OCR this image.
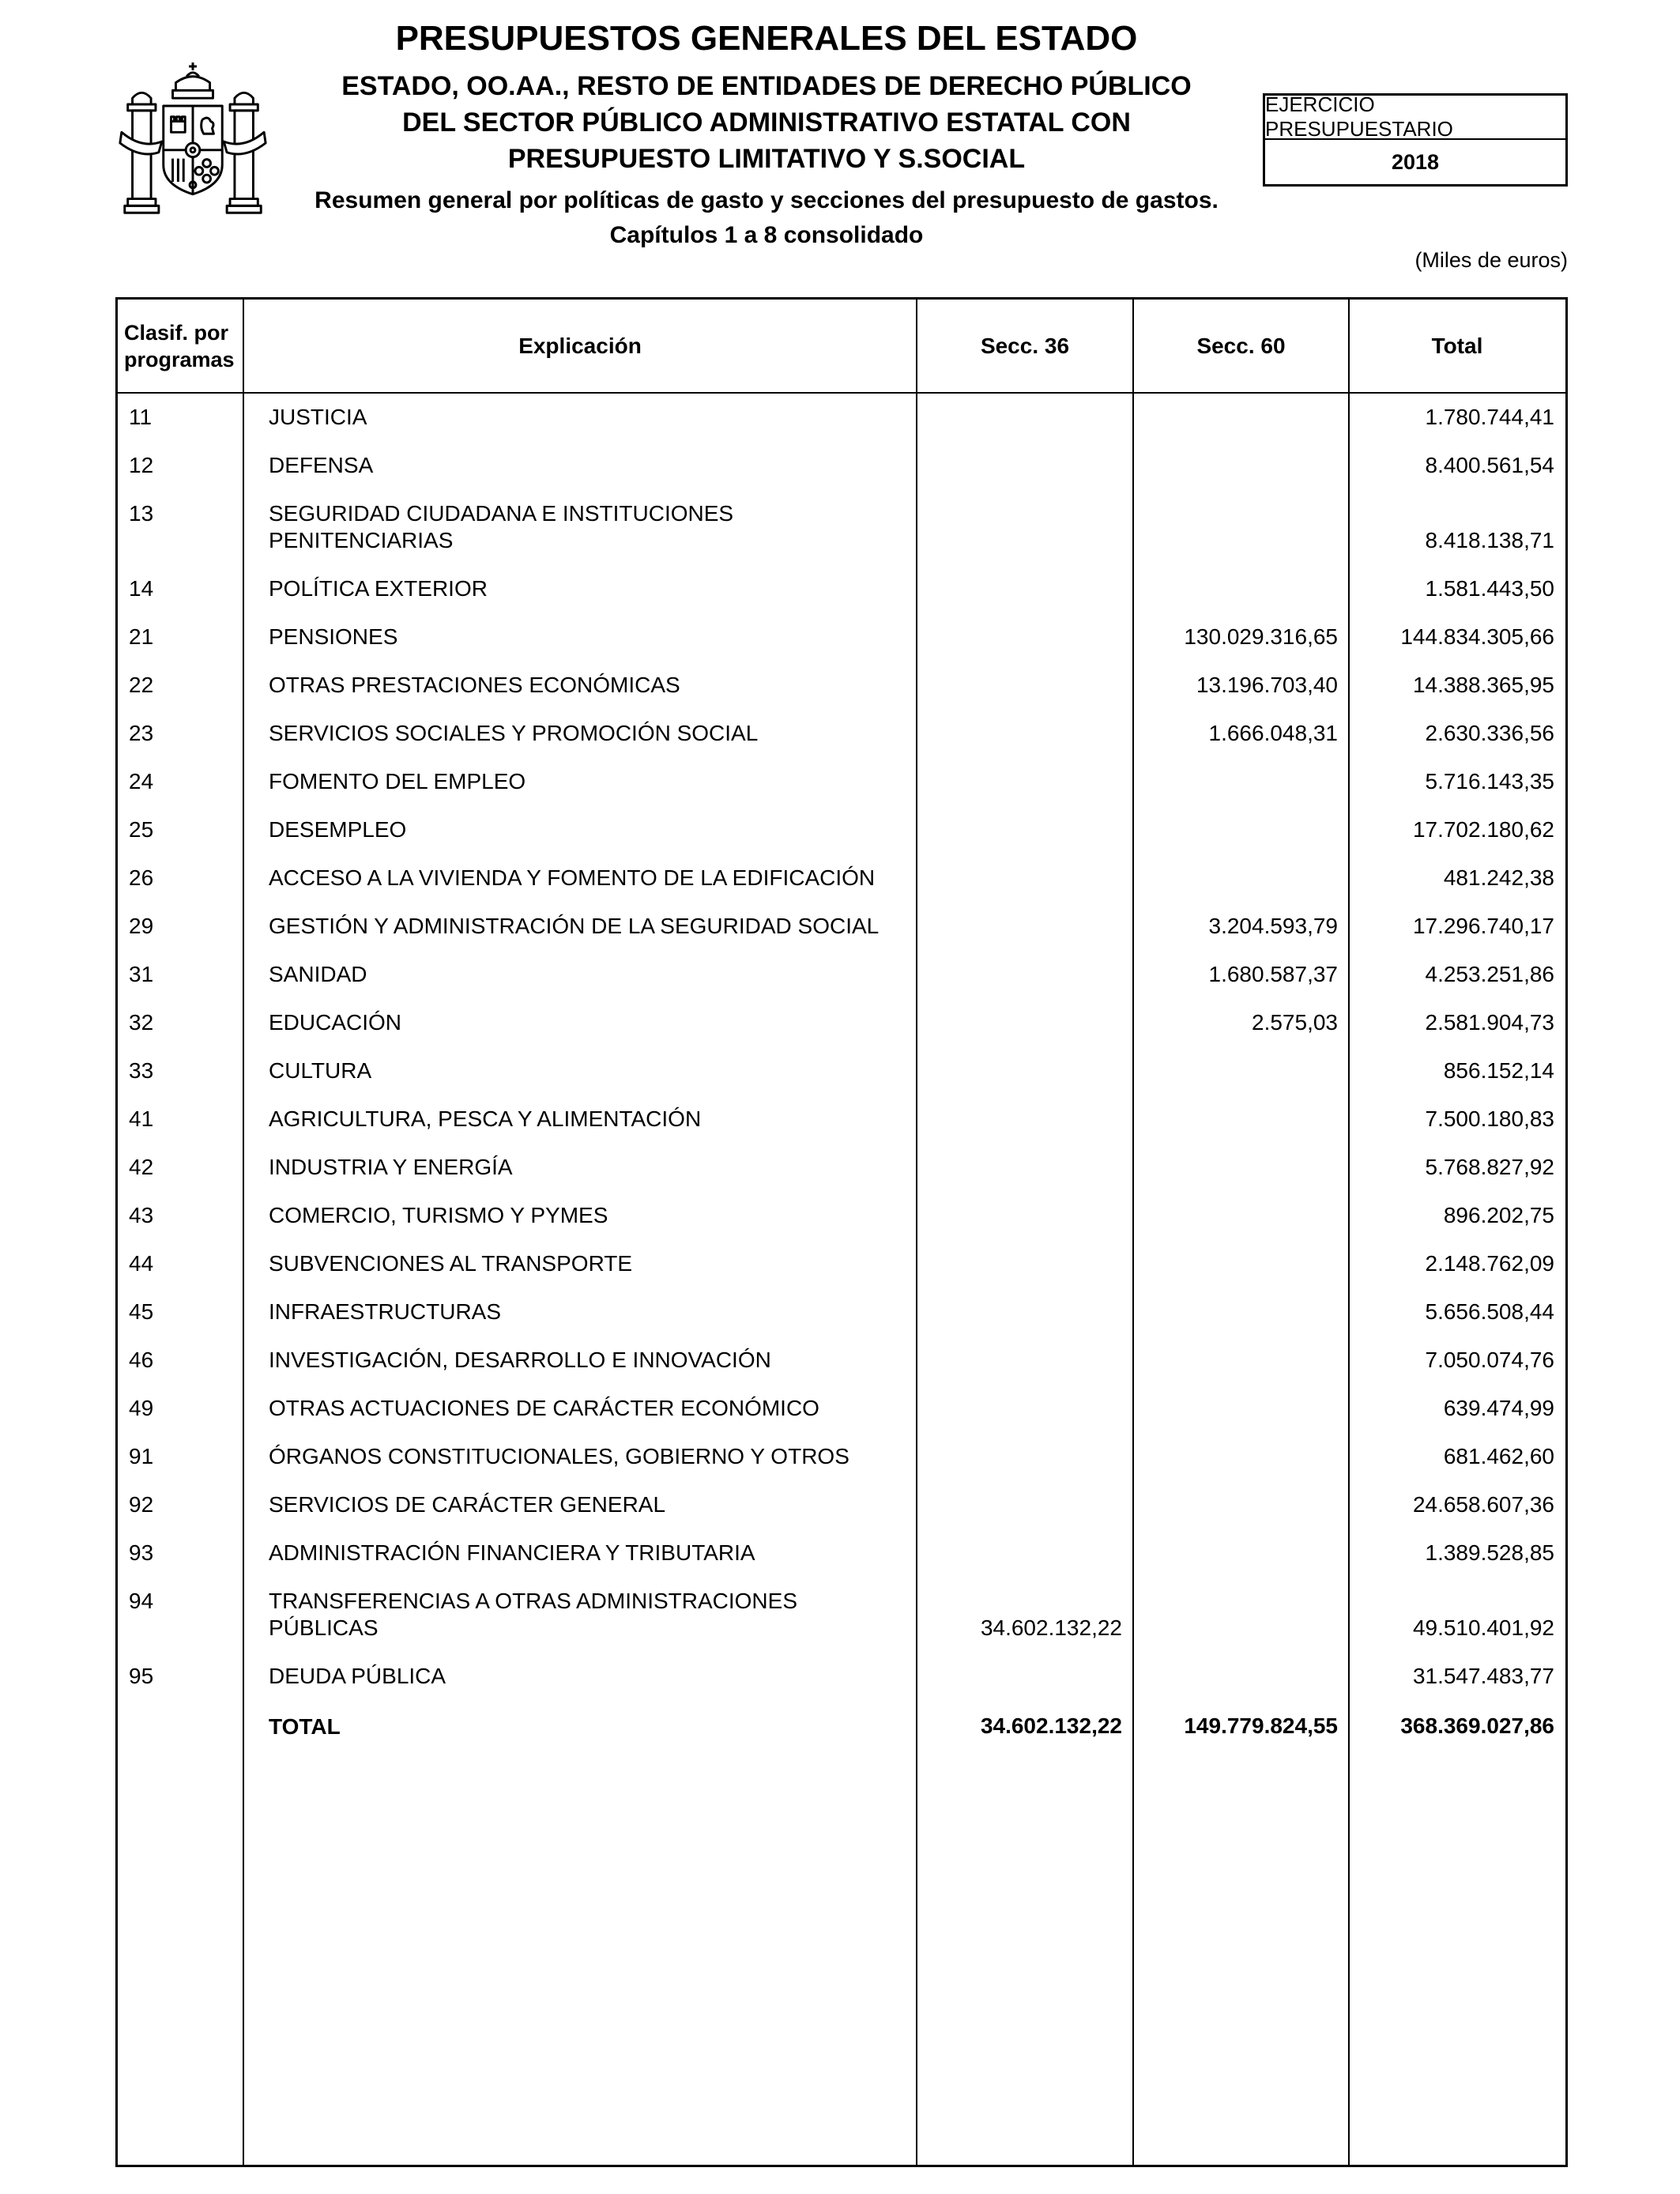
PRESUPUESTOS GENERALES DEL ESTADO
ESTADO, OO.AA., RESTO DE ENTIDADES DE DERECHO PÚBLICO
DEL SECTOR PÚBLICO ADMINISTRATIVO ESTATAL CON
PRESUPUESTO LIMITATIVO Y S.SOCIAL
Resumen general por políticas de gasto y secciones del presupuesto de gastos.
Capítulos 1 a 8 consolidado
EJERCICIO PRESUPUESTARIO
2018
(Miles de euros)
Clasif. por programas	Explicación	Secc. 36	Secc. 60	Total
11	JUSTICIA			1.780.744,41
12	DEFENSA			8.400.561,54
13	SEGURIDAD CIUDADANA E INSTITUCIONES PENITENCIARIAS			8.418.138,71
14	POLÍTICA EXTERIOR			1.581.443,50
21	PENSIONES		130.029.316,65	144.834.305,66
22	OTRAS PRESTACIONES ECONÓMICAS		13.196.703,40	14.388.365,95
23	SERVICIOS SOCIALES Y PROMOCIÓN SOCIAL		1.666.048,31	2.630.336,56
24	FOMENTO DEL EMPLEO			5.716.143,35
25	DESEMPLEO			17.702.180,62
26	ACCESO A LA VIVIENDA Y FOMENTO DE LA EDIFICACIÓN			481.242,38
29	GESTIÓN Y ADMINISTRACIÓN DE LA SEGURIDAD SOCIAL		3.204.593,79	17.296.740,17
31	SANIDAD		1.680.587,37	4.253.251,86
32	EDUCACIÓN		2.575,03	2.581.904,73
33	CULTURA			856.152,14
41	AGRICULTURA, PESCA Y ALIMENTACIÓN			7.500.180,83
42	INDUSTRIA Y ENERGÍA			5.768.827,92
43	COMERCIO, TURISMO Y PYMES			896.202,75
44	SUBVENCIONES AL TRANSPORTE			2.148.762,09
45	INFRAESTRUCTURAS			5.656.508,44
46	INVESTIGACIÓN, DESARROLLO E INNOVACIÓN			7.050.074,76
49	OTRAS ACTUACIONES DE CARÁCTER ECONÓMICO			639.474,99
91	ÓRGANOS CONSTITUCIONALES, GOBIERNO Y OTROS			681.462,60
92	SERVICIOS DE CARÁCTER GENERAL			24.658.607,36
93	ADMINISTRACIÓN FINANCIERA Y TRIBUTARIA			1.389.528,85
94	TRANSFERENCIAS A OTRAS ADMINISTRACIONES PÚBLICAS	34.602.132,22		49.510.401,92
95	DEUDA PÚBLICA			31.547.483,77
	TOTAL	34.602.132,22	149.779.824,55	368.369.027,86
